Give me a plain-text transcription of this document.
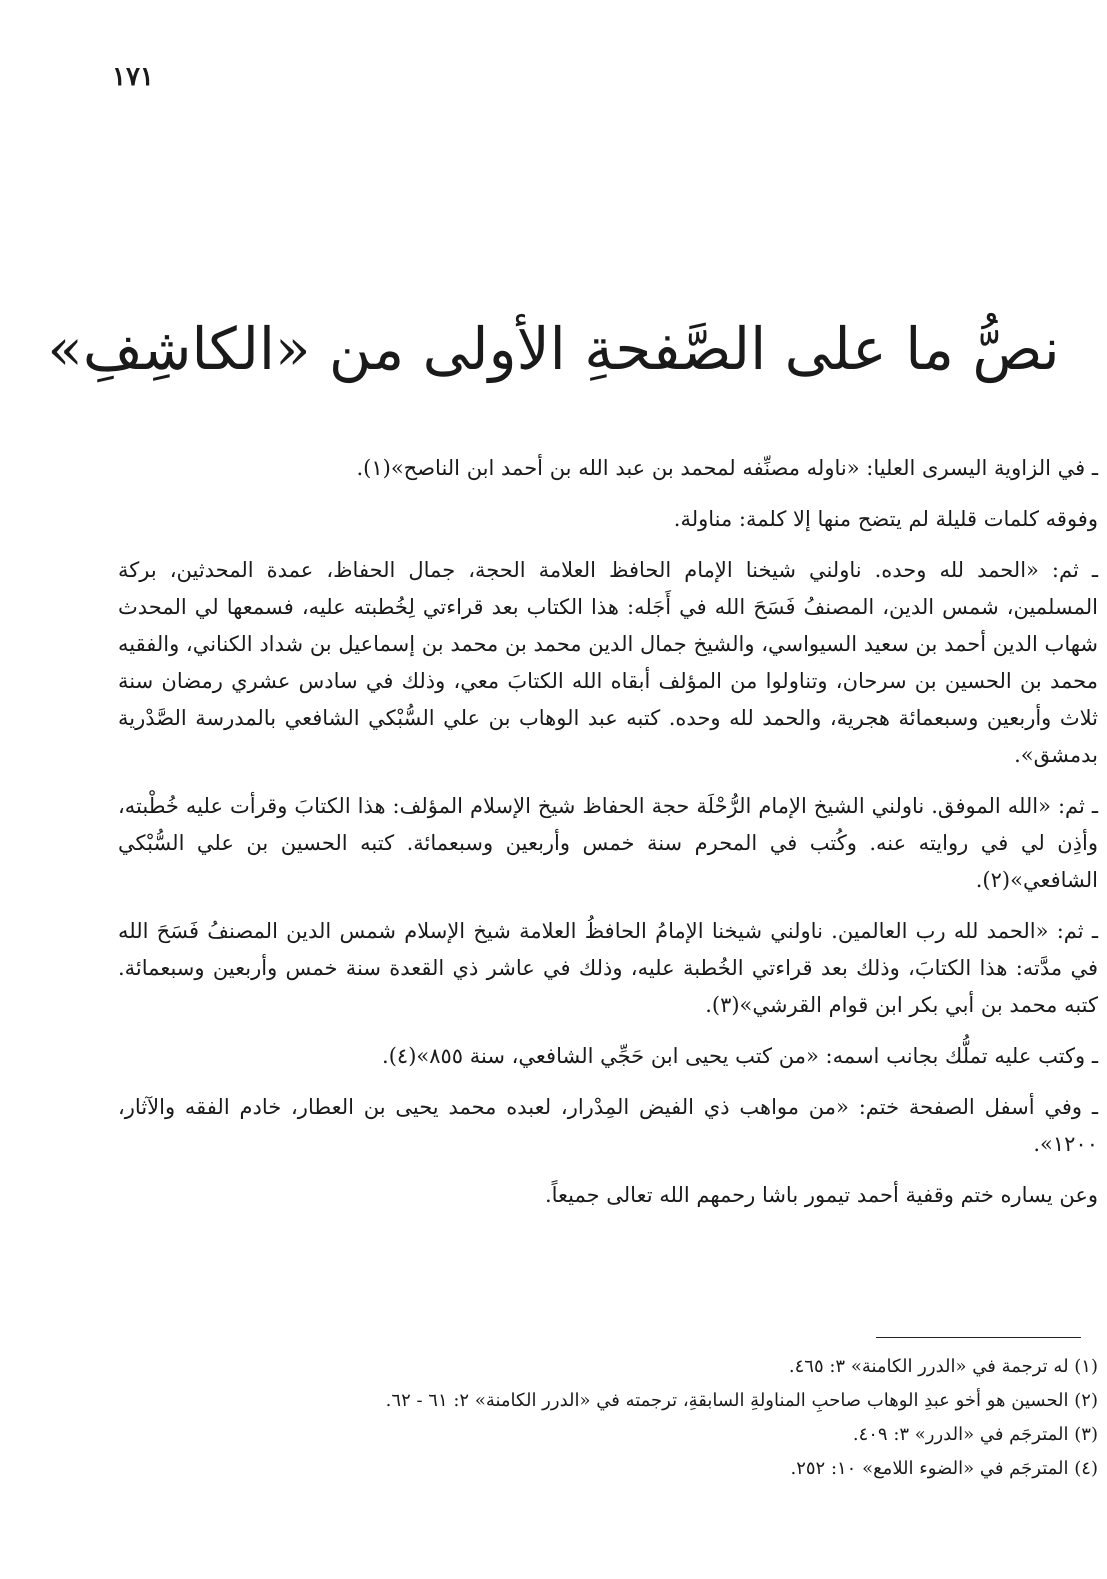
١٧١
نصُّ ما على الصَّفحةِ الأولى من «الكاشِفِ»

ـ في الزاوية اليسرى العليا: «ناوله مصنِّفه لمحمد بن عبد الله بن أحمد ابن الناصح»(١).

وفوقه كلمات قليلة لم يتضح منها إلا كلمة: مناولة.

ـ ثم: «الحمد لله وحده. ناولني شيخنا الإمام الحافظ العلامة الحجة، جمال الحفاظ، عمدة المحدثين، بركة المسلمين، شمس الدين، المصنفُ فَسَحَ الله في أَجَله: هذا الكتاب بعد قراءتي لِخُطبته عليه، فسمعها لي المحدث شهاب الدين أحمد بن سعيد السيواسي، والشيخ جمال الدين محمد بن محمد بن إسماعيل بن شداد الكناني، والفقيه محمد بن الحسين بن سرحان، وتناولوا من المؤلف أبقاه الله الكتابَ معي، وذلك في سادس عشري رمضان سنة ثلاث وأربعين وسبعمائة هجرية، والحمد لله وحده. كتبه عبد الوهاب بن علي السُّبْكي الشافعي بالمدرسة الصَّدْرية بدمشق».

ـ ثم: «الله الموفق. ناولني الشيخ الإمام الرُّحْلَة حجة الحفاظ شيخ الإسلام المؤلف: هذا الكتابَ وقرأت عليه خُطْبته، وأذِن لي في روايته عنه. وكُتب في المحرم سنة خمس وأربعين وسبعمائة. كتبه الحسين بن علي السُّبْكي الشافعي»(٢).

ـ ثم: «الحمد لله رب العالمين. ناولني شيخنا الإمامُ الحافظُ العلامة شيخ الإسلام شمس الدين المصنفُ فَسَحَ الله في مدَّته: هذا الكتابَ، وذلك بعد قراءتي الخُطبة عليه، وذلك في عاشر ذي القعدة سنة خمس وأربعين وسبعمائة. كتبه محمد بن أبي بكر ابن قوام القرشي»(٣).

ـ وكتب عليه تملُّك بجانب اسمه: «من كتب يحيى ابن حَجِّي الشافعي، سنة ٨٥٥»(٤).

ـ وفي أسفل الصفحة ختم: «من مواهب ذي الفيض المِدْرار، لعبده محمد يحيى بن العطار، خادم الفقه والآثار، ١٢٠٠».

وعن يساره ختم وقفية أحمد تيمور باشا رحمهم الله تعالى جميعاً.

(١) له ترجمة في «الدرر الكامنة» ٣: ٤٦٥.

(٢) الحسين هو أخو عبدِ الوهاب صاحبِ المناولةِ السابقةِ، ترجمته في «الدرر الكامنة» ٢: ٦١ - ٦٢.

(٣) المترجَم في «الدرر» ٣: ٤٠٩.

(٤) المترجَم في «الضوء اللامع» ١٠: ٢٥٢.
